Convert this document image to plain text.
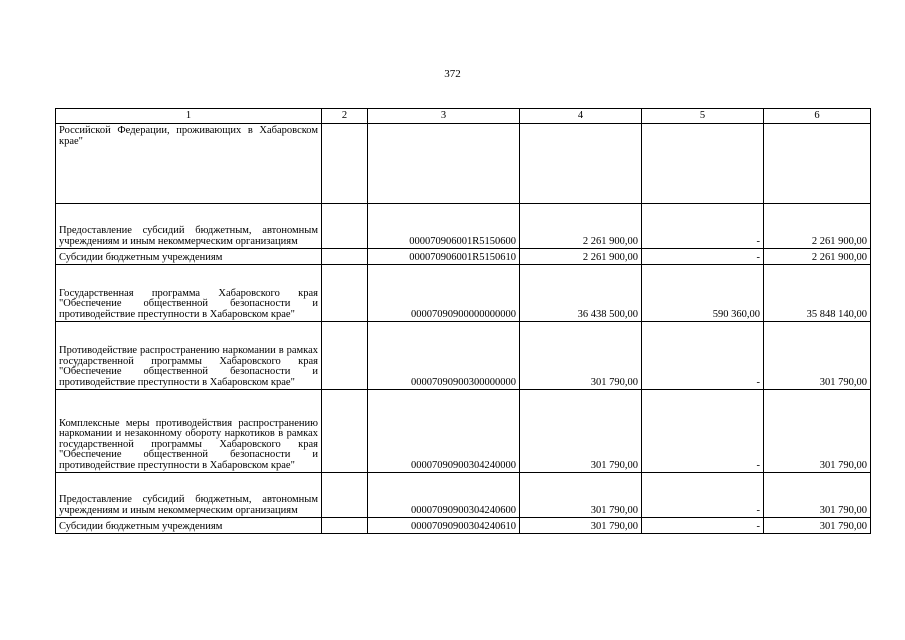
372
1	2	3	4	5	6
Российской Федерации, проживающих в Хабаровском крае"					
Предоставление субсидий бюджетным, автономным учреждениям и иным некоммерческим организациям		000070906001R5150600	2 261 900,00	-	2 261 900,00
Субсидии бюджетным учреждениям		000070906001R5150610	2 261 900,00	-	2 261 900,00
Государственная программа Хабаровского края "Обеспечение общественной безопасности и противодействие преступности в Хабаровском крае"		00007090900000000000	36 438 500,00	590 360,00	35 848 140,00
Противодействие распространению наркомании в рамках государственной программы Хабаровского края "Обеспечение общественной безопасности и противодействие преступности в Хабаровском крае"		00007090900300000000	301 790,00	-	301 790,00
Комплексные меры противодействия распространению наркомании и незаконному обороту наркотиков в рамках государственной программы Хабаровского края "Обеспечение общественной безопасности и противодействие преступности в Хабаровском крае"		00007090900304240000	301 790,00	-	301 790,00
Предоставление субсидий бюджетным, автономным учреждениям и иным некоммерческим организациям		00007090900304240600	301 790,00	-	301 790,00
Субсидии бюджетным учреждениям		00007090900304240610	301 790,00	-	301 790,00
